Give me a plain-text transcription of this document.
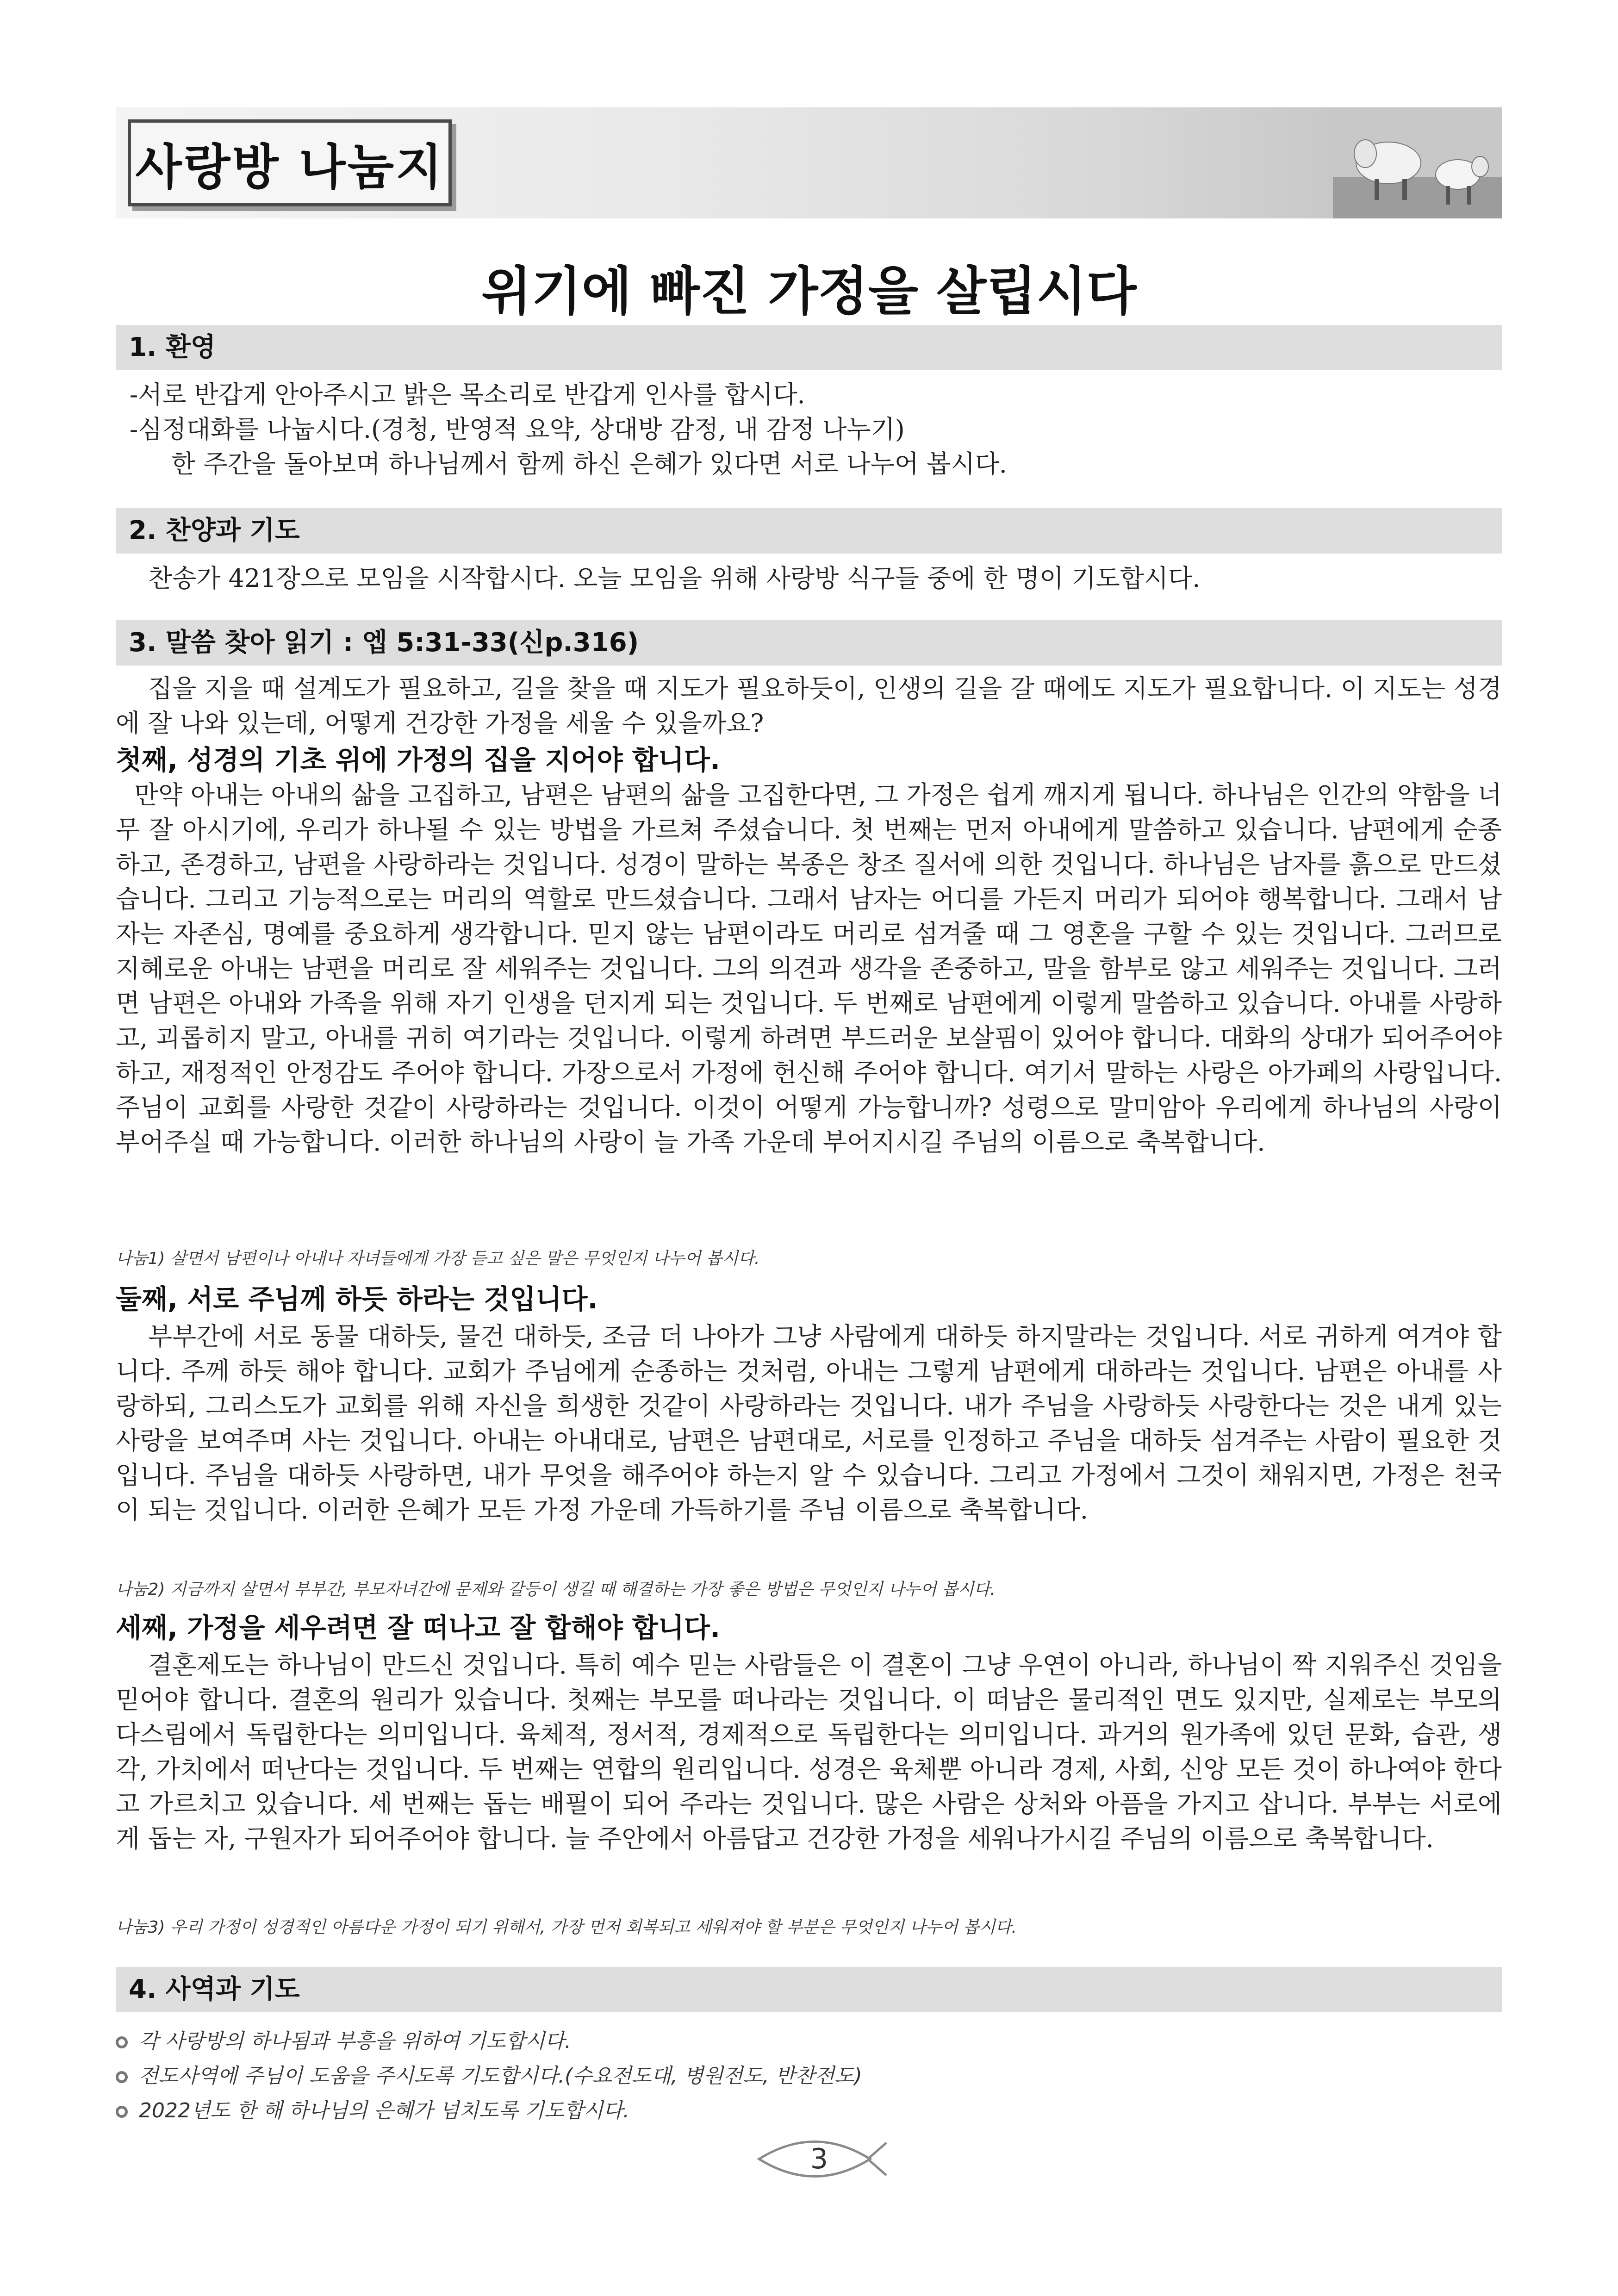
사랑방 나눔지
위기에 빠진 가정을 살립시다
1. 환영

-서로 반갑게 안아주시고 밝은 목소리로 반갑게 인사를 합시다.

-심정대화를 나눕시다.(경청, 반영적 요약, 상대방 감정, 내 감정 나누기)

한 주간을 돌아보며 하나님께서 함께 하신 은혜가 있다면 서로 나누어 봅시다.

2. 찬양과 기도

찬송가 421장으로 모임을 시작합시다. 오늘 모임을 위해 사랑방 식구들 중에 한 명이 기도합시다.

3. 말씀 찾아 읽기 : 엡 5:31-33(신p.316)

집을 지을 때 설계도가 필요하고, 길을 찾을 때 지도가 필요하듯이, 인생의 길을 갈 때에도 지도가 필요합니다. 이 지도는 성경에 잘 나와 있는데, 어떻게 건강한 가정을 세울 수 있을까요?

첫째, 성경의 기초 위에 가정의 집을 지어야 합니다.

만약 아내는 아내의 삶을 고집하고, 남편은 남편의 삶을 고집한다면, 그 가정은 쉽게 깨지게 됩니다. 하나님은 인간의 약함을 너무 잘 아시기에, 우리가 하나될 수 있는 방법을 가르쳐 주셨습니다. 첫 번째는 먼저 아내에게 말씀하고 있습니다. 남편에게 순종하고, 존경하고, 남편을 사랑하라는 것입니다. 성경이 말하는 복종은 창조 질서에 의한 것입니다. 하나님은 남자를 흙으로 만드셨습니다. 그리고 기능적으로는 머리의 역할로 만드셨습니다. 그래서 남자는 어디를 가든지 머리가 되어야 행복합니다. 그래서 남자는 자존심, 명예를 중요하게 생각합니다. 믿지 않는 남편이라도 머리로 섬겨줄 때 그 영혼을 구할 수 있는 것입니다. 그러므로 지혜로운 아내는 남편을 머리로 잘 세워주는 것입니다. 그의 의견과 생각을 존중하고, 말을 함부로 않고 세워주는 것입니다. 그러면 남편은 아내와 가족을 위해 자기 인생을 던지게 되는 것입니다. 두 번째로 남편에게 이렇게 말씀하고 있습니다. 아내를 사랑하고, 괴롭히지 말고, 아내를 귀히 여기라는 것입니다. 이렇게 하려면 부드러운 보살핌이 있어야 합니다. 대화의 상대가 되어주어야 하고, 재정적인 안정감도 주어야 합니다. 가장으로서 가정에 헌신해 주어야 합니다. 여기서 말하는 사랑은 아가페의 사랑입니다. 주님이 교회를 사랑한 것같이 사랑하라는 것입니다. 이것이 어떻게 가능합니까? 성령으로 말미암아 우리에게 하나님의 사랑이 부어주실 때 가능합니다. 이러한 하나님의 사랑이 늘 가족 가운데 부어지시길 주님의 이름으로 축복합니다.

나눔1) 살면서 남편이나 아내나 자녀들에게 가장 듣고 싶은 말은 무엇인지 나누어 봅시다.
둘째, 서로 주님께 하듯 하라는 것입니다.

부부간에 서로 동물 대하듯, 물건 대하듯, 조금 더 나아가 그냥 사람에게 대하듯 하지말라는 것입니다. 서로 귀하게 여겨야 합니다. 주께 하듯 해야 합니다. 교회가 주님에게 순종하는 것처럼, 아내는 그렇게 남편에게 대하라는 것입니다. 남편은 아내를 사랑하되, 그리스도가 교회를 위해 자신을 희생한 것같이 사랑하라는 것입니다. 내가 주님을 사랑하듯 사랑한다는 것은 내게 있는 사랑을 보여주며 사는 것입니다. 아내는 아내대로, 남편은 남편대로, 서로를 인정하고 주님을 대하듯 섬겨주는 사람이 필요한 것입니다. 주님을 대하듯 사랑하면, 내가 무엇을 해주어야 하는지 알 수 있습니다. 그리고 가정에서 그것이 채워지면, 가정은 천국이 되는 것입니다. 이러한 은혜가 모든 가정 가운데 가득하기를 주님 이름으로 축복합니다.

나눔2) 지금까지 살면서 부부간, 부모자녀간에 문제와 갈등이 생길 때 해결하는 가장 좋은 방법은 무엇인지 나누어 봅시다.
세째, 가정을 세우려면 잘 떠나고 잘 합해야 합니다.

결혼제도는 하나님이 만드신 것입니다. 특히 예수 믿는 사람들은 이 결혼이 그냥 우연이 아니라, 하나님이 짝 지워주신 것임을 믿어야 합니다. 결혼의 원리가 있습니다. 첫째는 부모를 떠나라는 것입니다. 이 떠남은 물리적인 면도 있지만, 실제로는 부모의 다스림에서 독립한다는 의미입니다. 육체적, 정서적, 경제적으로 독립한다는 의미입니다. 과거의 원가족에 있던 문화, 습관, 생각, 가치에서 떠난다는 것입니다. 두 번째는 연합의 원리입니다. 성경은 육체뿐 아니라 경제, 사회, 신앙 모든 것이 하나여야 한다고 가르치고 있습니다. 세 번째는 돕는 배필이 되어 주라는 것입니다. 많은 사람은 상처와 아픔을 가지고 삽니다. 부부는 서로에게 돕는 자, 구원자가 되어주어야 합니다. 늘 주안에서 아름답고 건강한 가정을 세워나가시길 주님의 이름으로 축복합니다.

나눔3) 우리 가정이 성경적인 아름다운 가정이 되기 위해서, 가장 먼저 회복되고 세워져야 할 부분은 무엇인지 나누어 봅시다.
4. 사역과 기도
각 사랑방의 하나됨과 부흥을 위하여 기도합시다.
전도사역에 주님이 도움을 주시도록 기도합시다.(수요전도대, 병원전도, 반찬전도)
2022년도 한 해 하나님의 은혜가 넘치도록 기도합시다.
3
